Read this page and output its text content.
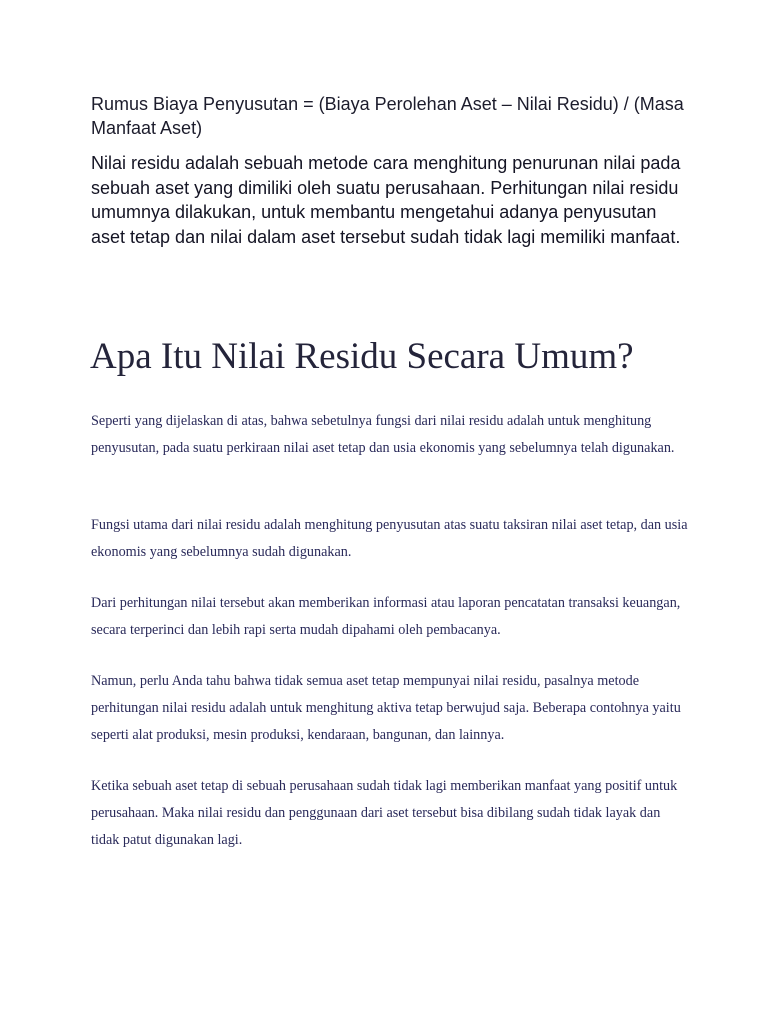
Rumus Biaya Penyusutan = (Biaya Perolehan Aset – Nilai Residu) / (Masa Manfaat Aset)

Nilai residu adalah sebuah metode cara menghitung penurunan nilai pada sebuah aset yang dimiliki oleh suatu perusahaan. Perhitungan nilai residu umumnya dilakukan, untuk membantu mengetahui adanya penyusutan aset tetap dan nilai dalam aset tersebut sudah tidak lagi memiliki manfaat.

Apa Itu Nilai Residu Secara Umum?

Seperti yang dijelaskan di atas, bahwa sebetulnya fungsi dari nilai residu adalah untuk menghitung penyusutan, pada suatu perkiraan nilai aset tetap dan usia ekonomis yang sebelumnya telah digunakan.

Fungsi utama dari nilai residu adalah menghitung penyusutan atas suatu taksiran nilai aset tetap, dan usia ekonomis yang sebelumnya sudah digunakan.

Dari perhitungan nilai tersebut akan memberikan informasi atau laporan pencatatan transaksi keuangan, secara terperinci dan lebih rapi serta mudah dipahami oleh pembacanya.

Namun, perlu Anda tahu bahwa tidak semua aset tetap mempunyai nilai residu, pasalnya metode perhitungan nilai residu adalah untuk menghitung aktiva tetap berwujud saja. Beberapa contohnya yaitu seperti alat produksi, mesin produksi, kendaraan, bangunan, dan lainnya.

Ketika sebuah aset tetap di sebuah perusahaan sudah tidak lagi memberikan manfaat yang positif untuk perusahaan. Maka nilai residu dan penggunaan dari aset tersebut bisa dibilang sudah tidak layak dan tidak patut digunakan lagi.
